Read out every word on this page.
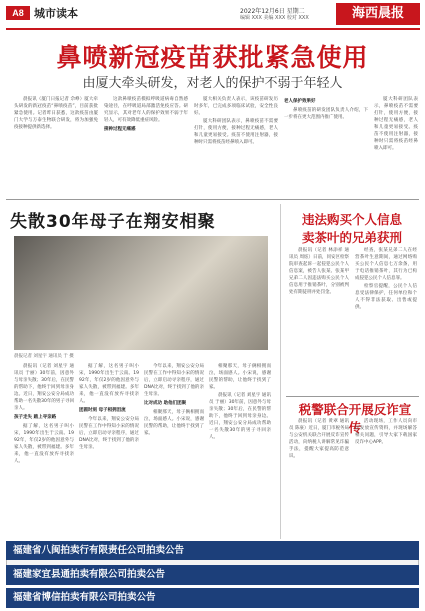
A8 城市读本	2022年12月6日 星期二
编辑 XXX 美编 XXX 校对 XXX	海西晨报
鼻喷新冠疫苗获批紧急使用
由厦大牵头研发，对老人的保护不弱于年轻人

晨报讯（厦门日报记者 佘峥）厦大牵头研发的新冠疫苗“鼻喷疫苗”，目前获批紧急使用。记者昨日获悉，这款疫苗由厦门大学与万泰生物联合研发，将为加强免疫接种提供新选择。

这款鼻喷疫苗模拟呼吸道病毒自然感染途径，在呼吸道局部激活免疫应答。研究显示，其对老年人的保护效果不弱于年轻人，可有效降低重症风险。

接种过程无痛感

厦大相关负责人表示，该疫苗研发历时多年，已完成多项临床试验，安全性良好。

厦大科研团队表示，鼻喷疫苗不需要打针，使用方便，接种过程无痛感，老人和儿童更易接受。疫苗不使用注射器，接种时只需将疫苗经鼻喷入即可。

老人保护效果好

鼻喷疫苗的研发团队负责人介绍，下一步将在更大范围内推广使用。

厦大科研团队表示，鼻喷疫苗不需要打针，使用方便，接种过程无痛感，老人和儿童更易接受。疫苗不使用注射器，接种时只需将疫苗经鼻喷入即可。

失散30年母子在翔安相聚
晨报记者 刘星宇 通讯员 于 摄

晨报讯（记者 刘星宇 通讯员 于丽）30年前，因意外与母亲失散；30年后，在民警的帮助下，他终于回到母亲身边。近日，翔安公安分局成功帮助一名失散30年的男子寻回亲人。

孩子走失 踏上寻亲路

据了解，这名男子叫小宋，1990年出生于云南。1992年，年仅2岁的他因意外与家人失散，被带到福建。多年来，他一直没有放弃寻找亲人。

据了解，这名男子叫小宋，1990年出生于云南。1992年，年仅2岁的他因意外与家人失散，被带到福建。多年来，他一直没有放弃寻找亲人。

团圆时刻 母子相拥泪流

今年以来，翔安公安分局民警在工作中得知小宋的情况后，立即启动寻亲程序，通过DNA比对，终于找到了他的亲生母亲。

今年以来，翔安公安分局民警在工作中得知小宋的情况后，立即启动寻亲程序，通过DNA比对，终于找到了他的亲生母亲。

比对成功 助他们团聚

相聚那天，母子俩相拥而泣，场面感人。小宋说，感谢民警的帮助，让他终于找到了家。

相聚那天，母子俩相拥而泣，场面感人。小宋说，感谢民警的帮助，让他终于找到了家。

晨报讯（记者 刘星宇 通讯员 于丽）30年前，因意外与母亲失散；30年后，在民警的帮助下，他终于回到母亲身边。近日，翔安公安分局成功帮助一名失散30年的男子寻回亲人。

违法购买个人信息
卖茶叶的兄弟获刑

晨报讯（记者 林添祥 通讯员 周炫）日前，同安区检察院审查起诉一起侵犯公民个人信息案，被告人张某、张某甲兄弟二人因违法购买公民个人信息用于推销茶叶，分别被判处有期徒刑并处罚金。

经查，张某兄弟二人在经营茶叶生意期间，通过网络购买公民个人信息七万余条，用于电话推销茶叶，其行为已构成侵犯公民个人信息罪。

检察官提醒，公民个人信息受法律保护，任何单位和个人不得非法获取、出售或提供。

税警联合开展反诈宣传

晨报讯（记者 黄翠 通讯员 陈豪）近日，厦门市税务局与公安机关联合开展反诈宣传活动，向纳税人讲解常见诈骗手法，提醒大家提高防范意识。

活动现场，工作人员向市民发放宣传资料，并现场解答相关问题，引导大家下载国家反诈中心APP。

福建省八闽拍卖行有限责任公司拍卖公告
福建家宜县通拍卖有限公司拍卖公告
福建省博信拍卖有限公司拍卖公告
